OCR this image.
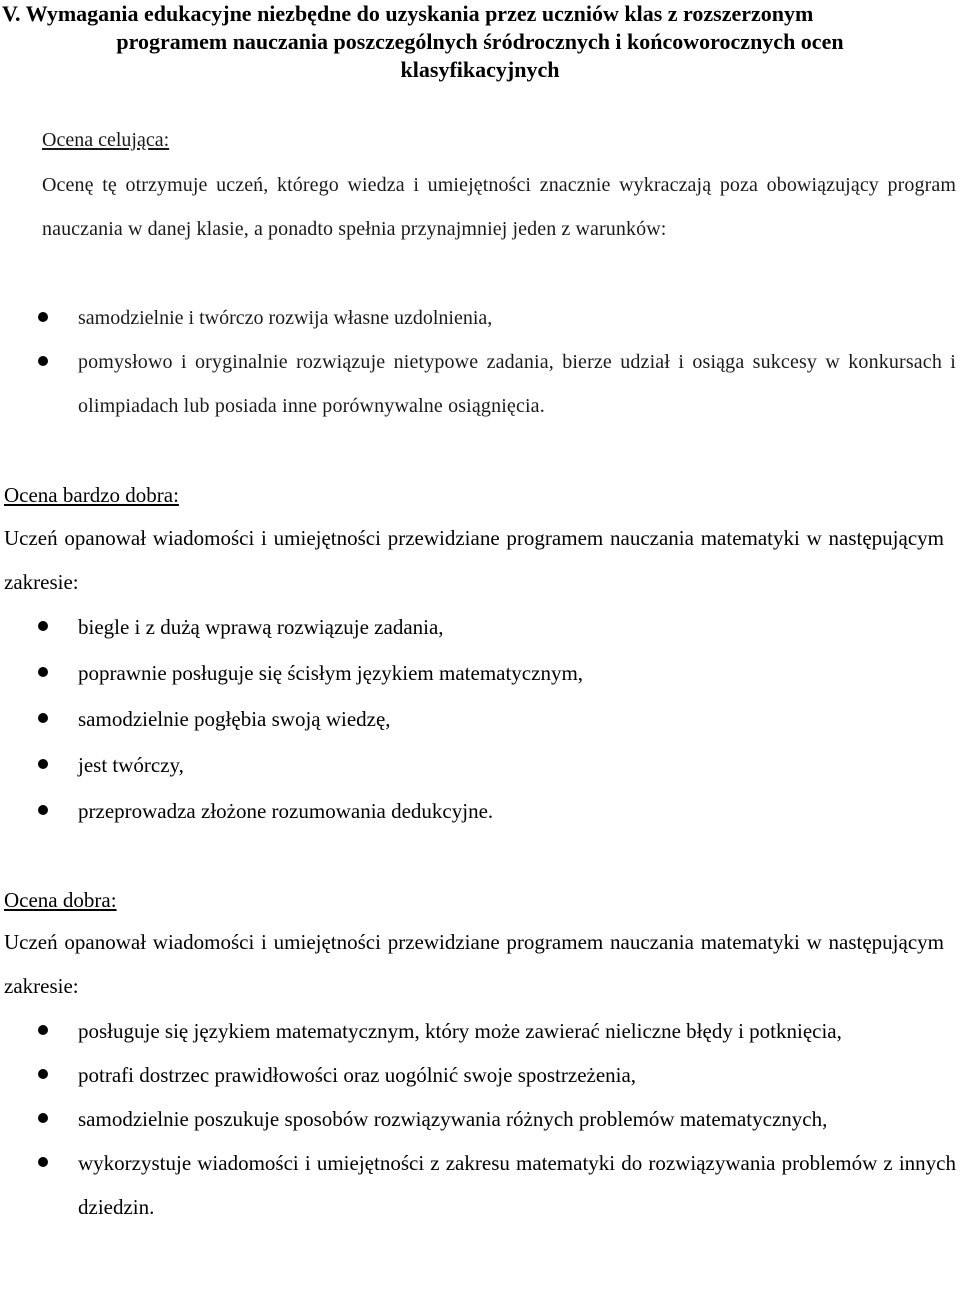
V. Wymagania edukacyjne niezbędne do uzyskania przez uczniów klas z rozszerzonym
programem nauczania poszczególnych śródrocznych i końcoworocznych ocen
klasyfikacyjnych
Ocena celująca:
Ocenę tę otrzymuje uczeń, którego wiedza i umiejętności znacznie wykraczają poza obowiązujący program nauczania w danej klasie, a ponadto spełnia przynajmniej jeden z warunków:
samodzielnie i twórczo rozwija własne uzdolnienia,
pomysłowo i oryginalnie rozwiązuje nietypowe zadania, bierze udział i osiąga sukcesy w konkursach i olimpiadach lub posiada inne porównywalne osiągnięcia.
Ocena bardzo dobra:
Uczeń opanował wiadomości i umiejętności przewidziane programem nauczania matematyki w następującym zakresie:
biegle i z dużą wprawą rozwiązuje zadania,
poprawnie posługuje się ścisłym językiem matematycznym,
samodzielnie pogłębia swoją wiedzę,
jest twórczy,
przeprowadza złożone rozumowania dedukcyjne.
Ocena dobra:
Uczeń opanował wiadomości i umiejętności przewidziane programem nauczania matematyki w następującym zakresie:
posługuje się językiem matematycznym, który może zawierać nieliczne błędy i potknięcia,
potrafi dostrzec prawidłowości oraz uogólnić swoje spostrzeżenia,
samodzielnie poszukuje sposobów rozwiązywania różnych problemów matematycznych,
wykorzystuje wiadomości i umiejętności z zakresu matematyki do rozwiązywania problemów z innych dziedzin.
